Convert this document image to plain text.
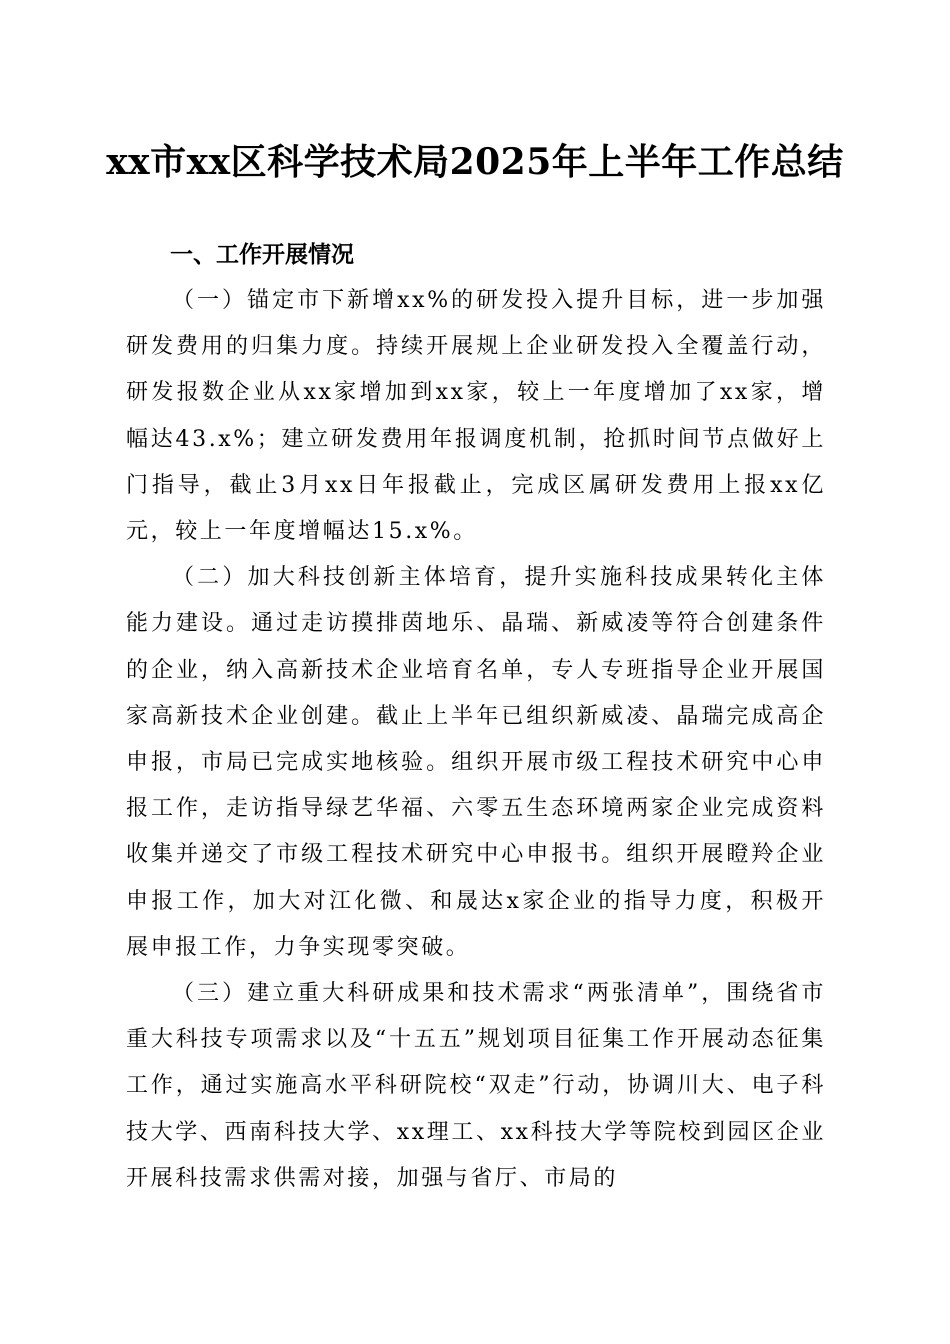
xx市xx区科学技术局2025年上半年工作总结
一、工作开展情况

（一）锚定市下新增xx%的研发投入提升目标，进一步加强研发费用的归集力度。持续开展规上企业研发投入全覆盖行动，研发报数企业从xx家增加到xx家，较上一年度增加了xx家，增幅达43.x%；建立研发费用年报调度机制，抢抓时间节点做好上门指导，截止3月xx日年报截止，完成区属研发费用上报xx亿元，较上一年度增幅达15.x%。

（二）加大科技创新主体培育，提升实施科技成果转化主体能力建设。通过走访摸排茵地乐、晶瑞、新威凌等符合创建条件的企业，纳入高新技术企业培育名单，专人专班指导企业开展国家高新技术企业创建。截止上半年已组织新威凌、晶瑞完成高企申报，市局已完成实地核验。组织开展市级工程技术研究中心申报工作，走访指导绿艺华福、六零五生态环境两家企业完成资料收集并递交了市级工程技术研究中心申报书。组织开展瞪羚企业申报工作，加大对江化微、和晟达x家企业的指导力度，积极开展申报工作，力争实现零突破。

（三）建立重大科研成果和技术需求“两张清单”，围绕省市重大科技专项需求以及“十五五”规划项目征集工作开展动态征集工作，通过实施高水平科研院校“双走”行动，协调川大、电子科技大学、西南科技大学、xx理工、xx科技大学等院校到园区企业开展科技需求供需对接，加强与省厅、市局的
